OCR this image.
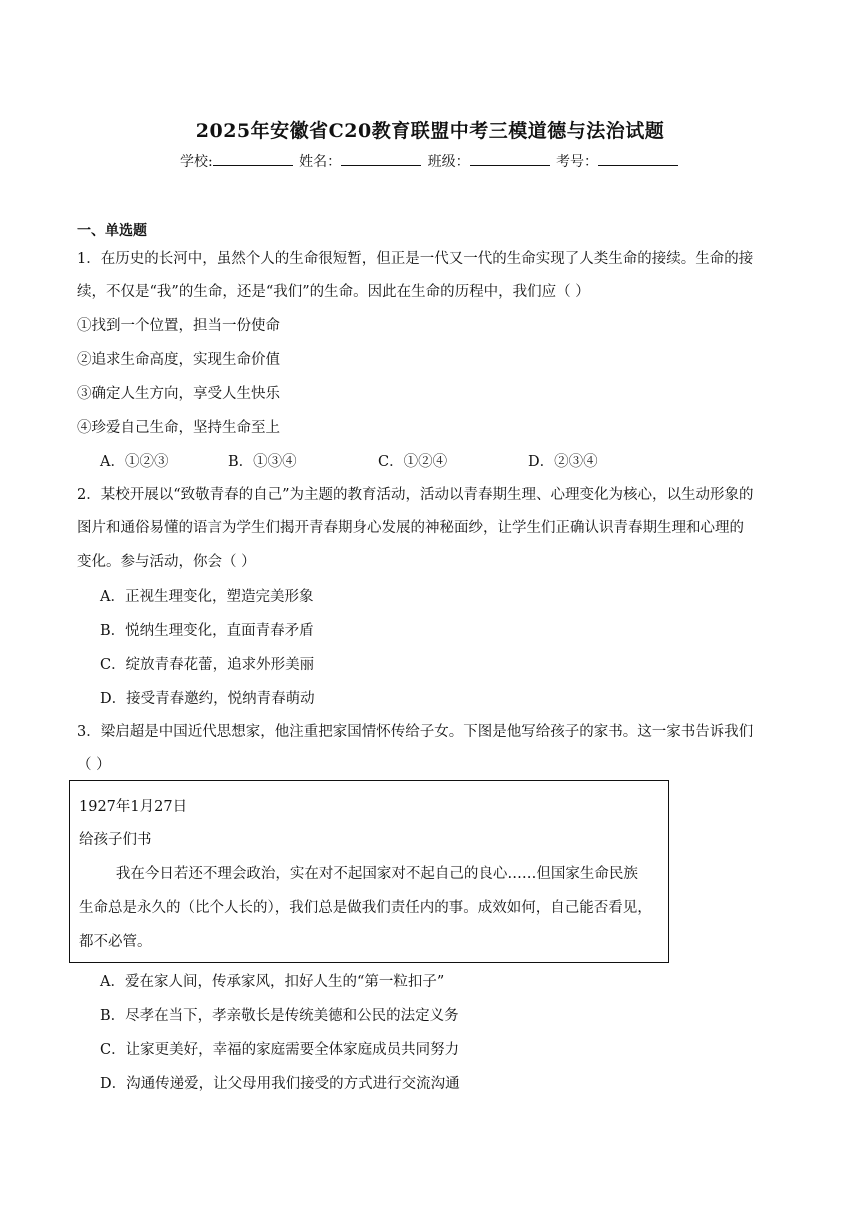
2025年安徽省C20教育联盟中考三模道德与法治试题
学校:	姓名：	班级：	考号：
一、单选题
1．在历史的长河中，虽然个人的生命很短暂，但正是一代又一代的生命实现了人类生命的接续。生命的接
续，不仅是“我”的生命，还是“我们”的生命。因此在生命的历程中，我们应（ ）
①找到一个位置，担当一份使命
②追求生命高度，实现生命价值
③确定人生方向，享受人生快乐
④珍爱自己生命，坚持生命至上
A．①②③	B．①③④	C．①②④	D．②③④
2．某校开展以“致敬青春的自己”为主题的教育活动，活动以青春期生理、心理变化为核心，以生动形象的
图片和通俗易懂的语言为学生们揭开青春期身心发展的神秘面纱，让学生们正确认识青春期生理和心理的
变化。参与活动，你会（ ）
A．正视生理变化，塑造完美形象
B．悦纳生理变化，直面青春矛盾
C．绽放青春花蕾，追求外形美丽
D．接受青春邀约，悦纳青春萌动
3．梁启超是中国近代思想家，他注重把家国情怀传给子女。下图是他写给孩子的家书。这一家书告诉我们
（ ）
1927年1月27日
给孩子们书
我在今日若还不理会政治，实在对不起国家对不起自己的良心……但国家生命民族
生命总是永久的（比个人长的），我们总是做我们责任内的事。成效如何，自己能否看见，
都不必管。
A．爱在家人间，传承家风，扣好人生的“第一粒扣子”
B．尽孝在当下，孝亲敬长是传统美德和公民的法定义务
C．让家更美好，幸福的家庭需要全体家庭成员共同努力
D．沟通传递爱，让父母用我们接受的方式进行交流沟通
